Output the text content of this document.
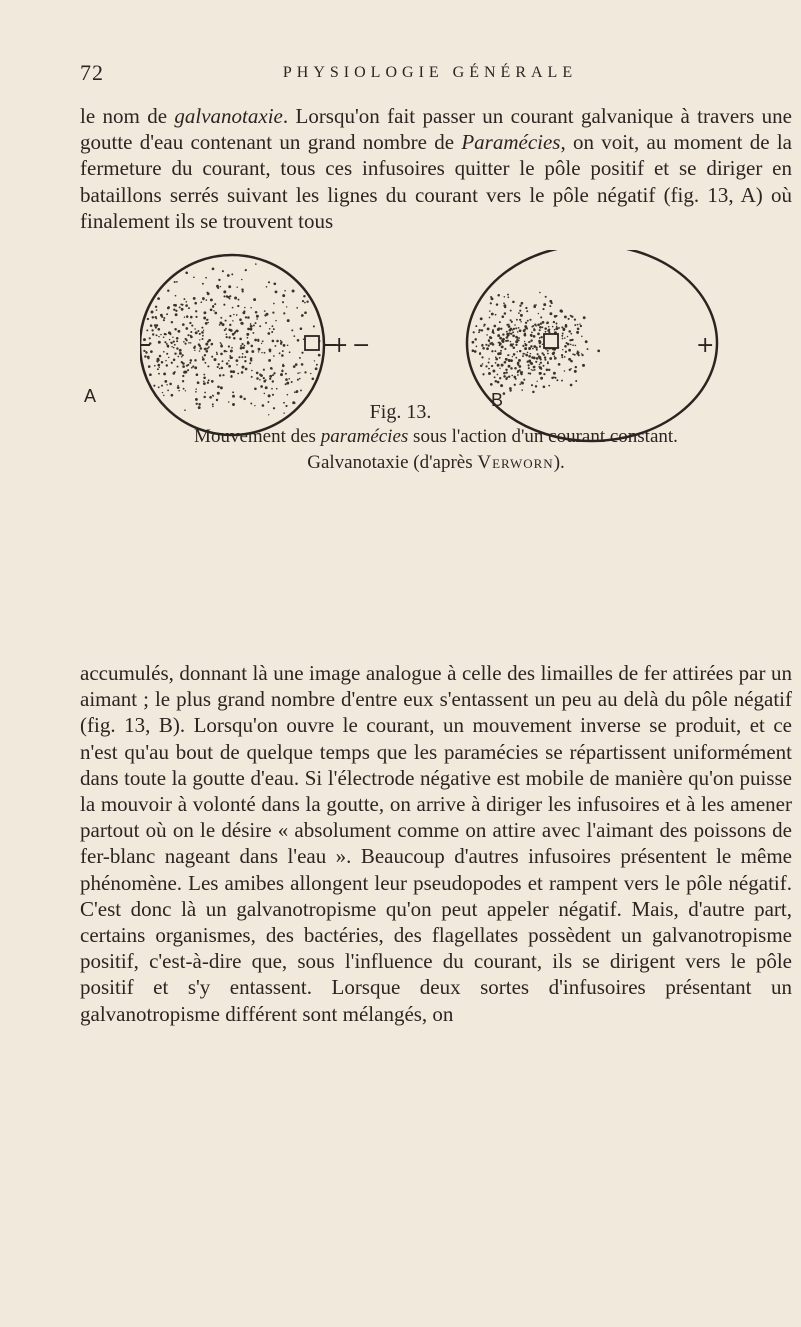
72	PHYSIOLOGIE GÉNÉRALE

le nom de galvanotaxie. Lorsqu'on fait passer un courant galvanique à travers une goutte d'eau contenant un grand nombre de Paramécies, on voit, au moment de la fermeture du courant, tous ces infusoires quitter le pôle positif et se diriger en bataillons serrés suivant les lignes du courant vers le pôle négatif (fig. 13, A) où finalement ils se trouvent tous

+ −	+
A	B
Fig. 13.

Mouvement des paramécies sous l'action d'un courant constant.

Galvanotaxie (d'après Verworn).

accumulés, donnant là une image analogue à celle des limailles de fer attirées par un aimant ; le plus grand nombre d'entre eux s'entassent un peu au delà du pôle négatif (fig. 13, B). Lorsqu'on ouvre le courant, un mouvement inverse se produit, et ce n'est qu'au bout de quelque temps que les paramécies se répartissent uniformément dans toute la goutte d'eau. Si l'électrode négative est mobile de manière qu'on puisse la mouvoir à volonté dans la goutte, on arrive à diriger les infusoires et à les amener partout où on le désire « absolument comme on attire avec l'aimant des poissons de fer-blanc nageant dans l'eau ». Beaucoup d'autres infusoires présentent le même phénomène. Les amibes allongent leur pseudopodes et rampent vers le pôle négatif. C'est donc là un galvanotropisme qu'on peut appeler négatif. Mais, d'autre part, certains organismes, des bactéries, des flagellates possèdent un galvanotropisme positif, c'est-à-dire que, sous l'influence du courant, ils se dirigent vers le pôle positif et s'y entassent. Lorsque deux sortes d'infusoires présentant un galvanotropisme différent sont mélangés, on
